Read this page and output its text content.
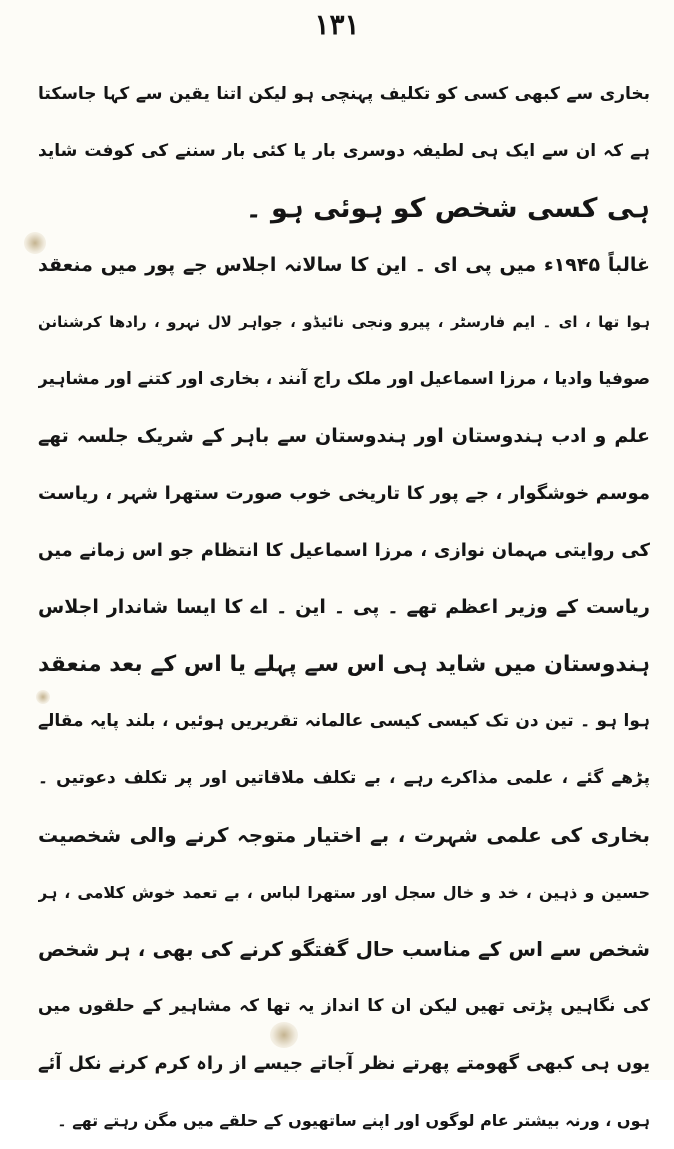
۱۳۱
بخاری سے کبھی کسی کو تکلیف پہنچی ہو لیکن اتنا یقین سے کہا جاسکتا
ہے کہ ان سے ایک ہی لطیفہ دوسری بار یا کئی بار سننے کی کوفت شاید
ہی کسی شخص کو ہوئی ہو ۔
غالباً ۱۹۴۵ء میں پی ای ۔ این کا سالانہ اجلاس جے پور میں منعقد
ہوا تھا ، ای ۔ ایم فارسٹر ، پیرو ونجی نائیڈو ، جواہر لال نہرو ، رادھا کرشنانن
صوفیا وادیا ، مرزا اسماعیل اور ملک راج آنند ، بخاری اور کتنے اور مشاہیر
علم و ادب ہندوستان اور ہندوستان سے باہر کے شریک جلسہ تھے
موسم خوشگوار ، جے پور کا تاریخی خوب صورت ستھرا شہر ، ریاست
کی روایتی مہمان نوازی ، مرزا اسماعیل کا انتظام جو اس زمانے میں
ریاست کے وزیر اعظم تھے ۔ پی ۔ این ۔ اے کا ایسا شاندار اجلاس
ہندوستان میں شاید ہی اس سے پہلے یا اس کے بعد منعقد
ہوا ہو ۔ تین دن تک کیسی کیسی عالمانہ تقریریں ہوئیں ، بلند پایہ مقالے
پڑھے گئے ، علمی مذاکرے رہے ، بے تکلف ملاقاتیں اور پر تکلف دعوتیں ۔
بخاری کی علمی شہرت ، بے اختیار متوجہ کرنے والی شخصیت
حسین و ذہین ، خد و خال سجل اور ستھرا لباس ، بے تعمد خوش کلامی ، ہر
شخص سے اس کے مناسب حال گفتگو کرنے کی بھی ، ہر شخص
کی نگاہیں پڑتی تھیں لیکن ان کا انداز یہ تھا کہ مشاہیر کے حلقوں میں
یوں ہی کبھی گھومتے پھرتے نظر آجاتے جیسے از راہ کرم کرنے نکل آئے
ہوں ، ورنہ بیشتر عام لوگوں اور اپنے ساتھیوں کے حلقے میں مگن رہتے تھے ۔
